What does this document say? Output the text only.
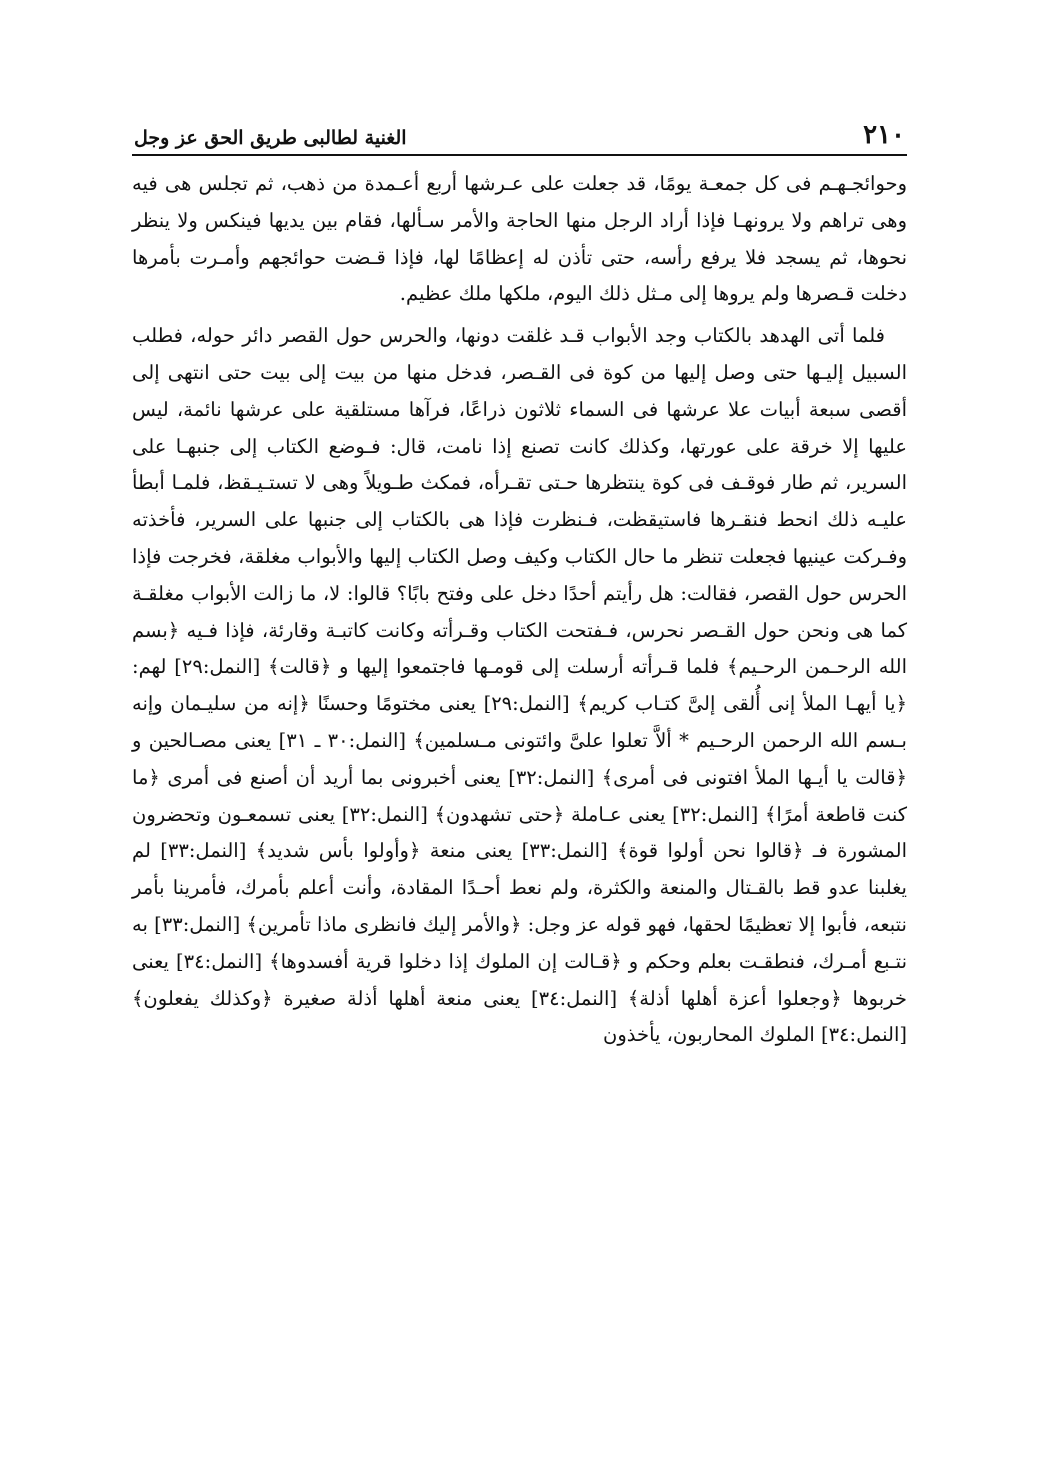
٢١٠
الغنية لطالبى طريق الحق عز وجل

وحوائجـهـم فى كل جمعـة يومًا، قد جعلت على عـرشها أربع أعـمدة من ذهب، ثم تجلس هى فيه وهى تراهم ولا يرونهـا فإذا أراد الرجل منها الحاجة والأمر سـألها، فقام بين يديها فينكس ولا ينظر نحوها، ثم يسجد فلا يرفع رأسه، حتى تأذن له إعظامًا لها، فإذا قـضت حوائجهم وأمـرت بأمرها دخلت قـصرها ولم يروها إلى مـثل ذلك اليوم، ملكها ملك عظيم.

فلما أتى الهدهد بالكتاب وجد الأبواب قـد غلقت دونها، والحرس حول القصر دائر حوله، فطلب السبيل إليـها حتى وصل إليها من كوة فى القـصر، فدخل منها من بيت إلى بيت حتى انتهى إلى أقصى سبعة أبيات علا عرشها فى السماء ثلاثون ذراعًا، فرآها مستلقية على عرشها نائمة، ليس عليها إلا خرقة على عورتها، وكذلك كانت تصنع إذا نامت، قال: فـوضع الكتاب إلى جنبهـا على السرير، ثم طار فوقـف فى كوة ينتظرها حـتى تقـرأه، فمكث طـويلاً وهى لا تستـيـقظ، فلمـا أبطأ عليـه ذلك انحط فنقـرها فاستيقظت، فـنظرت فإذا هى بالكتاب إلى جنبها على السرير، فأخذته وفـركت عينيها فجعلت تنظر ما حال الكتاب وكيف وصل الكتاب إليها والأبواب مغلقة، فخرجت فإذا الحرس حول القصر، فقالت: هل رأيتم أحدًا دخل على وفتح بابًا؟ قالوا: لا، ما زالت الأبواب مغلقـة كما هى ونحن حول القـصر نحرس، فـفتحت الكتاب وقـرأته وكانت كاتبـة وقارئة، فإذا فـيه ﴿بسم الله الرحـمن الرحـيم﴾ فلما قـرأته أرسلت إلى قومـها فاجتمعوا إليها و ﴿قالت﴾ [النمل:٢٩] لهم: ﴿يا أيهـا الملأ إنى أُلقى إلىَّ كتـاب كريم﴾ [النمل:٢٩] يعنى مختومًا وحسنًا ﴿إنه من سليـمان وإنه بـسم الله الرحمن الرحـيم * ألاَّ تعلوا علىَّ وائتونى مـسلمين﴾ [النمل:٣٠ ـ ٣١] يعنى مصـالحين و ﴿قالت يا أيـها الملأ افتونى فى أمرى﴾ [النمل:٣٢] يعنى أخبرونى بما أريد أن أصنع فى أمرى ﴿ما كنت قاطعة أمرًا﴾ [النمل:٣٢] يعنى عـاملة ﴿حتى تشهدون﴾ [النمل:٣٢] يعنى تسمعـون وتحضرون المشورة فـ ﴿قالوا نحن أولوا قوة﴾ [النمل:٣٣] يعنى منعة ﴿وأولوا بأس شديد﴾ [النمل:٣٣] لم يغلبنا عدو قط بالقـتال والمنعة والكثرة، ولم نعط أحـدًا المقادة، وأنت أعلم بأمرك، فأمرينا بأمر نتبعه، فأبوا إلا تعظيمًا لحقها، فهو قوله عز وجل: ﴿والأمر إليك فانظرى ماذا تأمرين﴾ [النمل:٣٣] به نتـبع أمـرك، فنطقـت بعلم وحكم و ﴿قـالت إن الملوك إذا دخلوا قرية أفسدوها﴾ [النمل:٣٤] يعنى خربوها ﴿وجعلوا أعزة أهلها أذلة﴾ [النمل:٣٤] يعنى منعة أهلها أذلة صغيرة ﴿وكذلك يفعلون﴾ [النمل:٣٤] الملوك المحاربون، يأخذون
